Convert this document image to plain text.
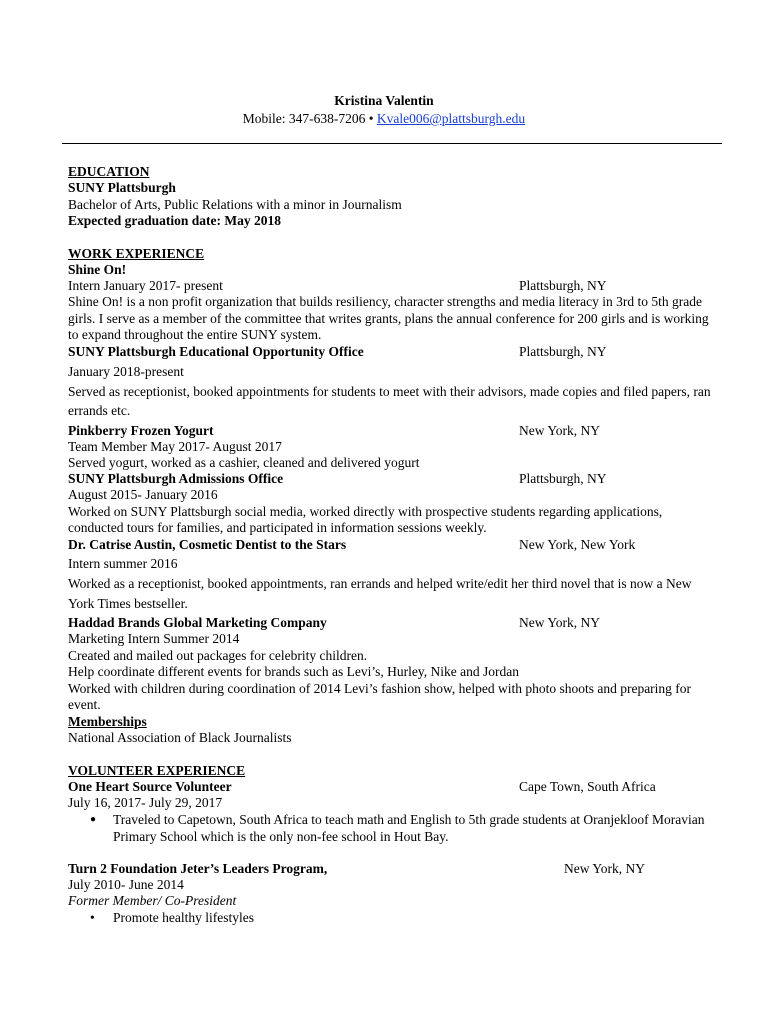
Kristina Valentin
Mobile: 347-638-7206 • Kvale006@plattsburgh.edu
EDUCATION
SUNY Plattsburgh
Bachelor of Arts, Public Relations with a minor in Journalism
Expected graduation date: May 2018
WORK EXPERIENCE
Shine On!
Intern January 2017- present	Plattsburgh, NY
Shine On! is a non profit organization that builds resiliency, character strengths and media literacy in 3rd to 5th grade
girls. I serve as a member of the committee that writes grants, plans the annual conference for 200 girls and is working
to expand throughout the entire SUNY system.
SUNY Plattsburgh Educational Opportunity Office	Plattsburgh, NY
January 2018-present
Served as receptionist, booked appointments for students to meet with their advisors, made copies and filed papers, ran
errands etc.
Pinkberry Frozen Yogurt	New York, NY
Team Member May 2017- August 2017
Served yogurt, worked as a cashier, cleaned and delivered yogurt
SUNY Plattsburgh Admissions Office	Plattsburgh, NY
August 2015- January 2016
Worked on SUNY Plattsburgh social media, worked directly with prospective students regarding applications,
conducted tours for families, and participated in information sessions weekly.
Dr. Catrise Austin, Cosmetic Dentist to the Stars	New York, New York
Intern summer 2016
Worked as a receptionist, booked appointments, ran errands and helped write/edit her third novel that is now a New
York Times bestseller.
Haddad Brands Global Marketing Company	New York, NY
Marketing Intern Summer 2014
Created and mailed out packages for celebrity children.
Help coordinate different events for brands such as Levi’s, Hurley, Nike and Jordan
Worked with children during coordination of 2014 Levi’s fashion show, helped with photo shoots and preparing for
event.
Memberships
National Association of Black Journalists
VOLUNTEER EXPERIENCE
One Heart Source Volunteer	Cape Town, South Africa
July 16, 2017- July 29, 2017
● Traveled to Capetown, South Africa to teach math and English to 5th grade students at Oranjekloof Moravian
Primary School which is the only non-fee school in Hout Bay.
Turn 2 Foundation Jeter’s Leaders Program,	New York, NY
July 2010- June 2014
Former Member/ Co-President
• Promote healthy lifestyles
